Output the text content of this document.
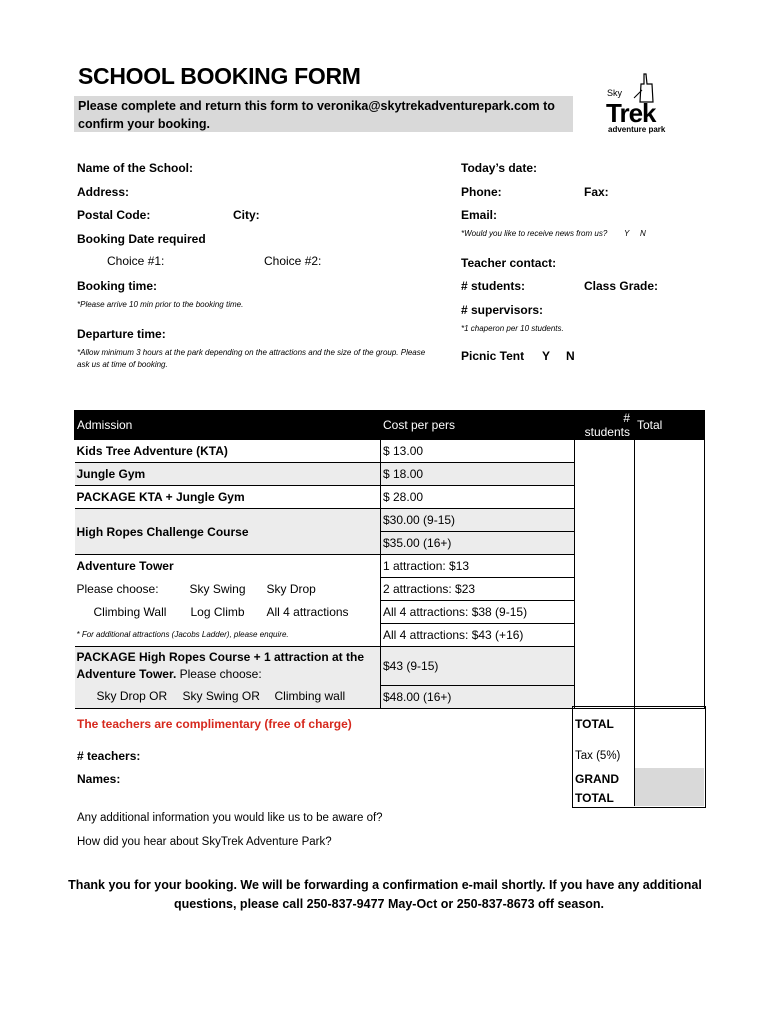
SCHOOL BOOKING FORM
Please complete and return this form to veronika@skytrekadventurepark.com to confirm your booking.
Sky
Trek
adventure park
Name of the School:	Today’s date:
Address:	Phone:	Fax:
Postal Code:	City:	Email:
*Would you like to receive news from us? Y N
Booking Date required
Choice #1:	Choice #2:	Teacher contact:
Booking time:	# students:	Class Grade:
*Please arrive 10 min prior to the booking time.	# supervisors:
*1 chaperon per 10 students.
Departure time:
*Allow minimum 3 hours at the park depending on the attractions and the size of the group. Please
ask us at time of booking.
Picnic Tent Y N
Admission	Cost per pers	# students	Total
Kids Tree Adventure (KTA)	$ 13.00		
Jungle Gym	$ 18.00		
PACKAGE KTA + Jungle Gym	$ 28.00		
High Ropes Challenge Course	$30.00 (9-15)		
	$35.00 (16+)		
Adventure Tower	1 attraction: $13		
Please choose: Sky Swing Sky Drop	2 attractions: $23		
Climbing Wall Log Climb All 4 attractions	All 4 attractions: $38 (9-15)		
* For additional attractions (Jacobs Ladder), please enquire.	All 4 attractions: $43 (+16)		
PACKAGE High Ropes Course + 1 attraction at the
Adventure Tower. Please choose:	$43 (9-15)		

Sky Drop OR Sky Swing OR Climbing wall	$48.00 (16+)		
The teachers are complimentary (free of charge)	TOTAL
# teachers:	Tax (5%)
Names:	GRAND
TOTAL
Any additional information you would like us to be aware of?
How did you hear about SkyTrek Adventure Park?
Thank you for your booking. We will be forwarding a confirmation e-mail shortly. If you have any additional
questions, please call 250-837-9477 May-Oct or 250-837-8673 off season.
